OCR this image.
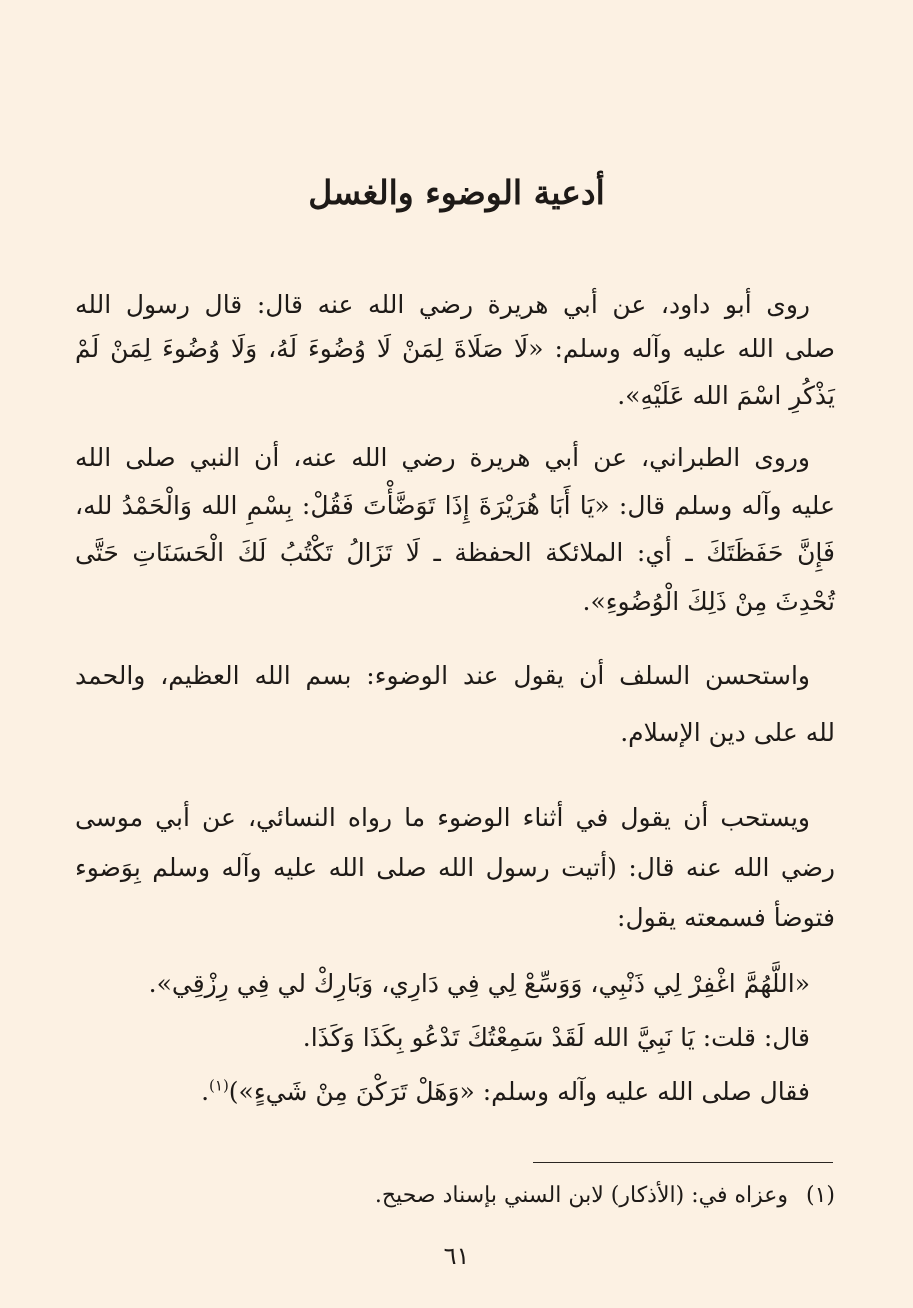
أدعية الوضوء والغسل
روى أبو داود، عن أبي هريرة رضي الله عنه قال: قال رسول الله
صلى الله عليه وآله وسلم: «لَا صَلَاةَ لِمَنْ لَا وُضُوءَ لَهُ، وَلَا وُضُوءَ لِمَنْ لَمْ
يَذْكُرِ اسْمَ الله عَلَيْهِ».
وروى الطبراني، عن أبي هريرة رضي الله عنه، أن النبي صلى الله
عليه وآله وسلم قال: «يَا أَبَا هُرَيْرَةَ إِذَا تَوَضَّأْتَ فَقُلْ: بِسْمِ الله وَالْحَمْدُ لله،
فَإِنَّ حَفَظَتَكَ ـ أي: الملائكة الحفظة ـ لَا تَزَالُ تَكْتُبُ لَكَ الْحَسَنَاتِ حَتَّى
تُحْدِثَ مِنْ ذَلِكَ الْوُضُوءِ».
واستحسن السلف أن يقول عند الوضوء: بسم الله العظيم، والحمد
لله على دين الإسلام.
ويستحب أن يقول في أثناء الوضوء ما رواه النسائي، عن أبي موسى
رضي الله عنه قال: (أتيت رسول الله صلى الله عليه وآله وسلم بِوَضوء
فتوضأ فسمعته يقول:
«اللَّهُمَّ اغْفِرْ لِي ذَنْبِي، وَوَسِّعْ لِي فِي دَارِي، وَبَارِكْ لي فِي رِزْقِي».
قال: قلت: يَا نَبِيَّ الله لَقَدْ سَمِعْتُكَ تَدْعُو بِكَذَا وَكَذَا.
فقال صلى الله عليه وآله وسلم: «وَهَلْ تَرَكْنَ مِنْ شَيءٍ»)$^{(١)}$.
(١)وعزاه في: (الأذكار) لابن السني بإسناد صحيح.
٦١
